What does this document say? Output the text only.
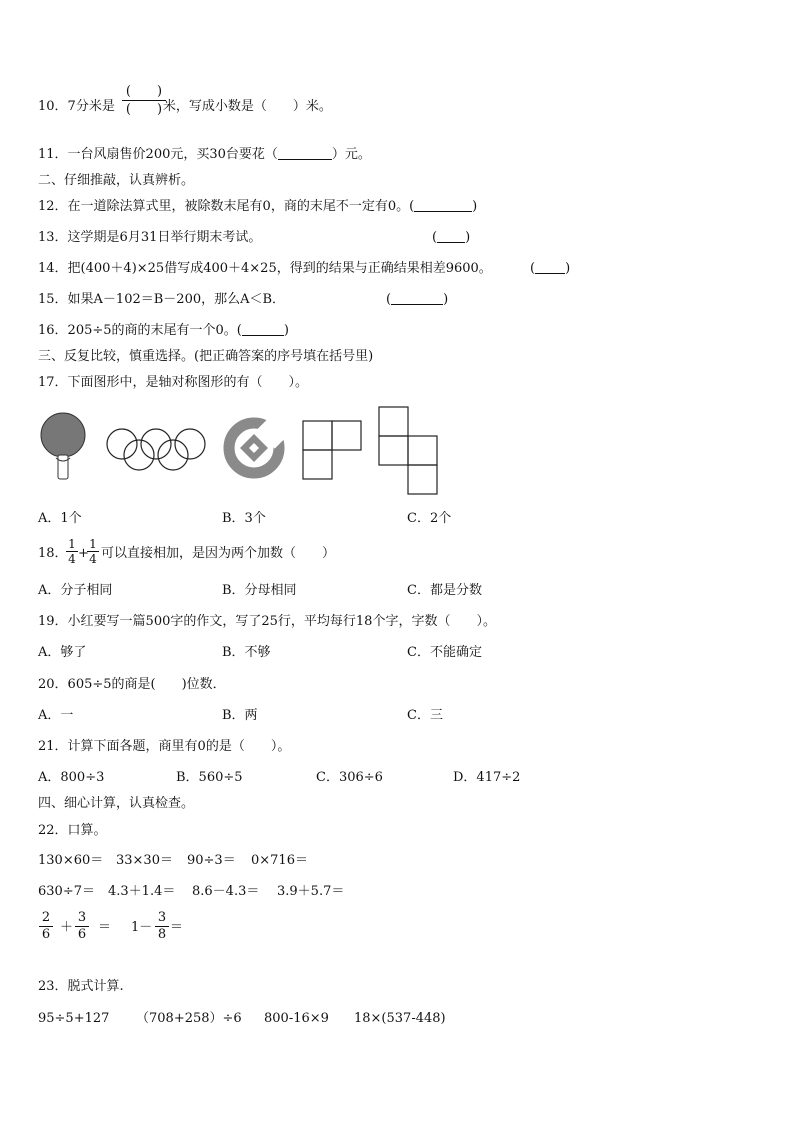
10．7分米是	米，写成小数是（　　）米。
(　　)
(　　)
11．一台风扇售价200元，买30台要花（	）元。
二、仔细推敲，认真辨析。
12．在一道除法算式里，被除数末尾有0，商的末尾不一定有0。(	)
13．这学期是6月31日举行期末考试。	( )
14．把(400＋4)×25借写成400＋4×25，得到的结果与正确结果相差9600。	( )
15．如果A－102＝B－200，那么A＜B．	(	)
16．205÷5的商的末尾有一个0。(	)
三、反复比较，慎重选择。(把正确答案的序号填在括号里)
17．下面图形中，是轴对称图形的有（　　）。
A．1个	B．3个	C．2个
18．
1
4 +
1
4 可以直接相加，是因为两个加数（　　）
A．分子相同	B．分母相同	C．都是分数
19．小红要写一篇500字的作文，写了25行，平均每行18个字，字数（　　）。
A．够了	B．不够	C．不能确定
20．605÷5的商是(　　)位数．
A．一	B．两	C．三
21．计算下面各题，商里有0的是（　　）。
A．800÷3	B．560÷5	C．306÷6	D．417÷2
四、细心计算，认真检查。
22．口算。
130×60＝ 33×30＝ 90÷3＝ 0×716＝
630÷7＝ 4.3＋1.4＝ 8.6－4.3＝ 3.9＋5.7＝
2
6 ＋
3
6 ＝ 1－
3
8 ＝
23．脱式计算.
95÷5+127 （708+258）÷6 800-16×9 18×(537-448)
